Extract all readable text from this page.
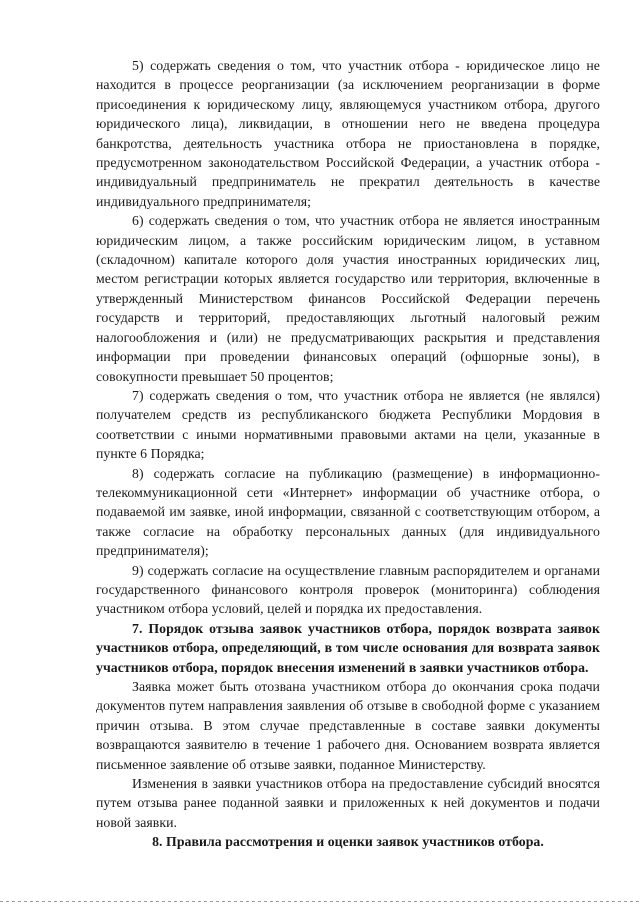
5) содержать сведения о том, что участник отбора - юридическое лицо не находится в процессе реорганизации (за исключением реорганизации в форме присоединения к юридическому лицу, являющемуся участником отбора, другого юридического лица), ликвидации, в отношении него не введена процедура банкротства, деятельность участника отбора не приостановлена в порядке, предусмотренном законодательством Российской Федерации, а участник отбора - индивидуальный предприниматель не прекратил деятельность в качестве индивидуального предпринимателя;

6) содержать сведения о том, что участник отбора не является иностранным юридическим лицом, а также российским юридическим лицом, в уставном (складочном) капитале которого доля участия иностранных юридических лиц, местом регистрации которых является государство или территория, включенные в утвержденный Министерством финансов Российской Федерации перечень государств и территорий, предоставляющих льготный налоговый режим налогообложения и (или) не предусматривающих раскрытия и представления информации при проведении финансовых операций (офшорные зоны), в совокупности превышает 50 процентов;

7) содержать сведения о том, что участник отбора не является (не являлся) получателем средств из республиканского бюджета Республики Мордовия в соответствии с иными нормативными правовыми актами на цели, указанные в пункте 6 Порядка;

8) содержать согласие на публикацию (размещение) в информационно-телекоммуникационной сети «Интернет» информации об участнике отбора, о подаваемой им заявке, иной информации, связанной с соответствующим отбором, а также согласие на обработку персональных данных (для индивидуального предпринимателя);

9) содержать согласие на осуществление главным распорядителем и органами государственного финансового контроля проверок (мониторинга) соблюдения участником отбора условий, целей и порядка их предоставления.

7. Порядок отзыва заявок участников отбора, порядок возврата заявок участников отбора, определяющий, в том числе основания для возврата заявок участников отбора, порядок внесения изменений в заявки участников отбора.

Заявка может быть отозвана участником отбора до окончания срока подачи документов путем направления заявления об отзыве в свободной форме с указанием причин отзыва. В этом случае представленные в составе заявки документы возвращаются заявителю в течение 1 рабочего дня. Основанием возврата является письменное заявление об отзыве заявки, поданное Министерству.

Изменения в заявки участников отбора на предоставление субсидий вносятся путем отзыва ранее поданной заявки и приложенных к ней документов и подачи новой заявки.

8. Правила рассмотрения и оценки заявок участников отбора.
